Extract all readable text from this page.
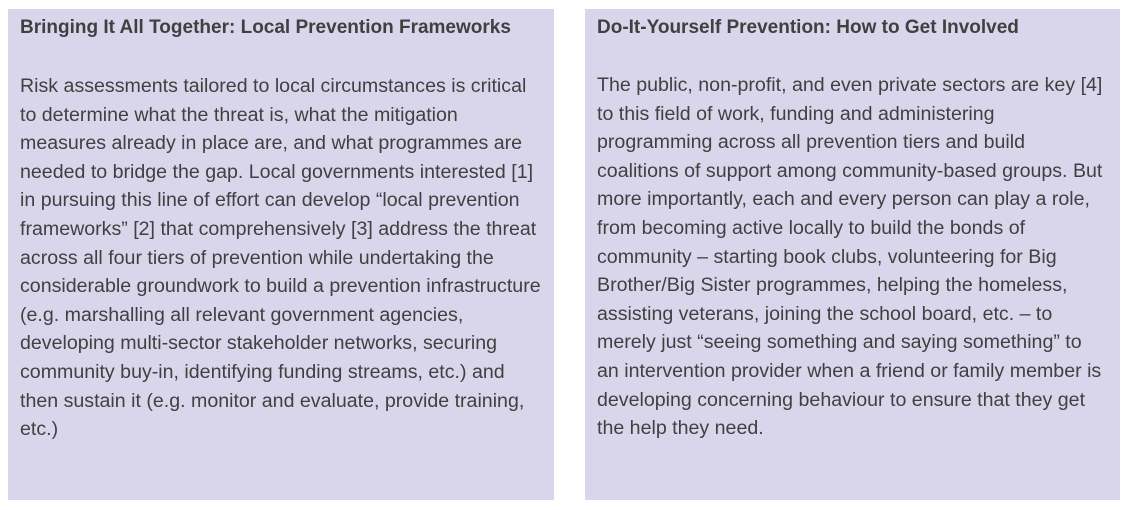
Bringing It All Together: Local Prevention Frameworks

Risk assessments tailored to local circumstances is critical to determine what the threat is, what the mitigation measures already in place are, and what programmes are needed to bridge the gap. Local governments interested [1] in pursuing this line of effort can develop “local prevention frameworks” [2] that comprehensively [3] address the threat across all four tiers of prevention while undertaking the considerable groundwork to build a prevention infrastructure (e.g. marshalling all relevant government agencies, developing multi-sector stakeholder networks, securing community buy-in, identifying funding streams, etc.) and then sustain it (e.g. monitor and evaluate, provide training, etc.)

Do-It-Yourself Prevention: How to Get Involved

The public, non-profit, and even private sectors are key [4] to this field of work, funding and administering programming across all prevention tiers and build coalitions of support among community-based groups. But more importantly, each and every person can play a role, from becoming active locally to build the bonds of community – starting book clubs, volunteering for Big Brother/Big Sister programmes, helping the homeless, assisting veterans, joining the school board, etc. – to merely just “seeing something and saying something” to an intervention provider when a friend or family member is developing concerning behaviour to ensure that they get the help they need.
